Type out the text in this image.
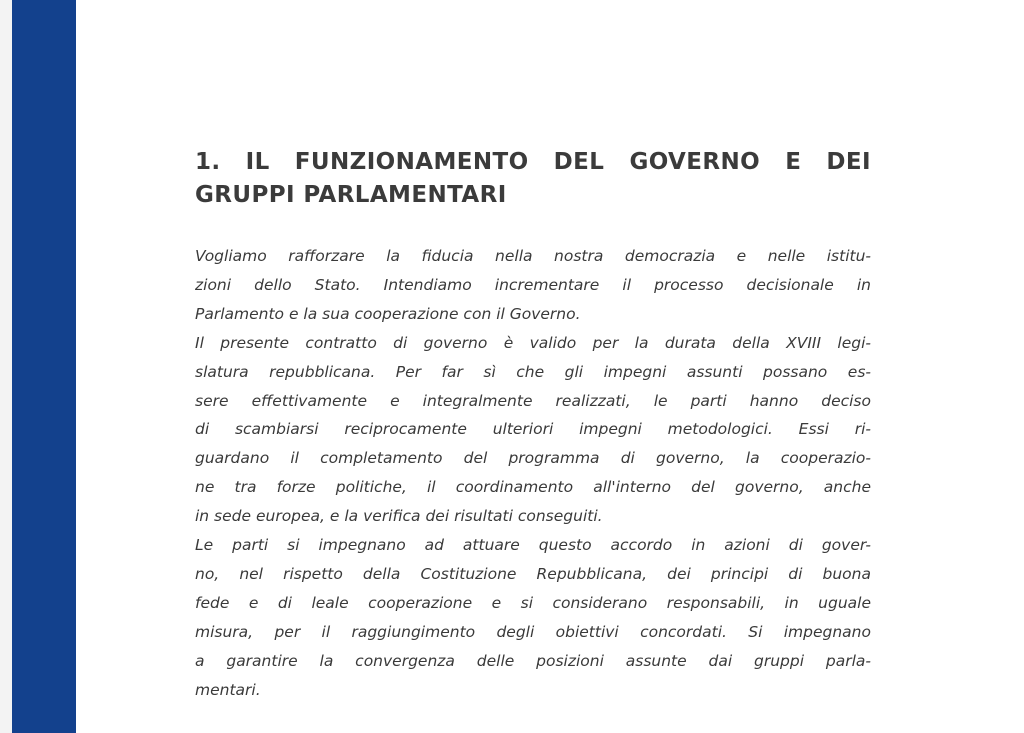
1. IL FUNZIONAMENTO DEL GOVERNO E DEI
GRUPPI PARLAMENTARI
Vogliamo rafforzare la fiducia nella nostra democrazia e nelle istitu-
zioni dello Stato. Intendiamo incrementare il processo decisionale in
Parlamento e la sua cooperazione con il Governo.
Il presente contratto di governo è valido per la durata della XVIII legi-
slatura repubblicana. Per far sì che gli impegni assunti possano es-
sere effettivamente e integralmente realizzati, le parti hanno deciso
di scambiarsi reciprocamente ulteriori impegni metodologici. Essi ri-
guardano il completamento del programma di governo, la cooperazio-
ne tra forze politiche, il coordinamento all'interno del governo, anche
in sede europea, e la verifica dei risultati conseguiti.
Le parti si impegnano ad attuare questo accordo in azioni di gover-
no, nel rispetto della Costituzione Repubblicana, dei principi di buona
fede e di leale cooperazione e si considerano responsabili, in uguale
misura, per il raggiungimento degli obiettivi concordati. Si impegnano
a garantire la convergenza delle posizioni assunte dai gruppi parla-
mentari.
